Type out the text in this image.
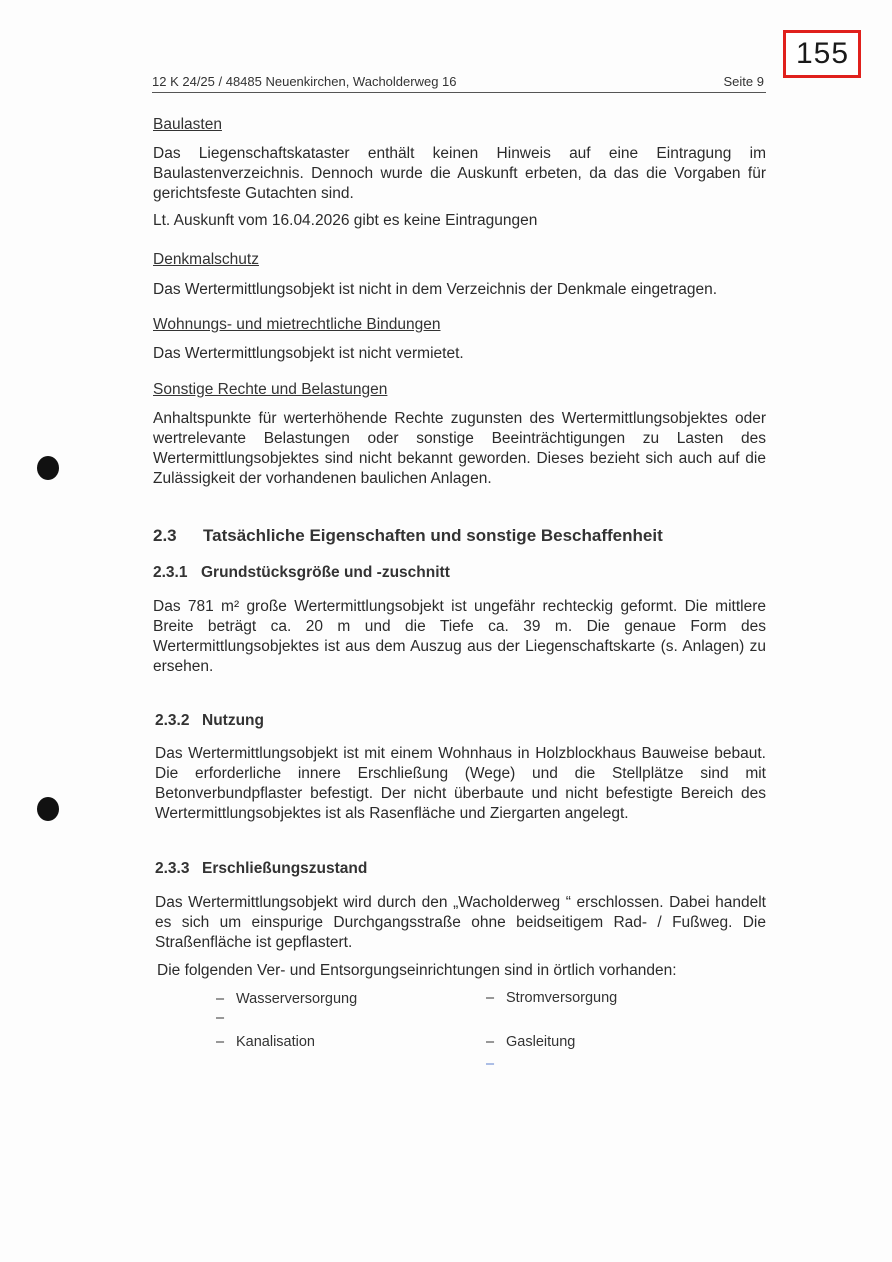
155
12 K 24/25 / 48485 Neuenkirchen, Wacholderweg 16	Seite 9
Baulasten

Das Liegenschaftskataster enthält keinen Hinweis auf eine Eintragung im Baulastenverzeichnis. Dennoch wurde die Auskunft erbeten, da das die Vorgaben für gerichtsfeste Gutachten sind.

Lt. Auskunft vom 16.04.2026 gibt es keine Eintragungen

Denkmalschutz

Das Wertermittlungsobjekt ist nicht in dem Verzeichnis der Denkmale eingetragen.

Wohnungs- und mietrechtliche Bindungen

Das Wertermittlungsobjekt ist nicht vermietet.

Sonstige Rechte und Belastungen

Anhaltspunkte für werterhöhende Rechte zugunsten des Wertermittlungsobjektes oder wertrelevante Belastungen oder sonstige Beeinträchtigungen zu Lasten des Wertermittlungsobjektes sind nicht bekannt geworden. Dieses bezieht sich auch auf die Zulässigkeit der vorhandenen baulichen Anlagen.

2.3 Tatsächliche Eigenschaften und sonstige Beschaffenheit
2.3.1 Grundstücksgröße und -zuschnitt

Das 781 m² große Wertermittlungsobjekt ist ungefähr rechteckig geformt. Die mittlere Breite beträgt ca. 20 m und die Tiefe ca. 39 m. Die genaue Form des Wertermittlungsobjektes ist aus dem Auszug aus der Liegenschaftskarte (s. Anlagen) zu ersehen.

2.3.2 Nutzung

Das Wertermittlungsobjekt ist mit einem Wohnhaus in Holzblockhaus Bauweise bebaut. Die erforderliche innere Erschließung (Wege) und die Stellplätze sind mit Betonverbundpflaster befestigt. Der nicht überbaute und nicht befestigte Bereich des Wertermittlungsobjektes ist als Rasenfläche und Ziergarten angelegt.

2.3.3 Erschließungszustand

Das Wertermittlungsobjekt wird durch den „Wacholderweg “ erschlossen. Dabei handelt es sich um einspurige Durchgangsstraße ohne beidseitigem Rad- / Fußweg. Die Straßenfläche ist gepflastert.

Die folgenden Ver- und Entsorgungseinrichtungen sind in örtlich vorhanden:

– Wasserversorgung	– Stromversorgung
–
– Kanalisation	– Gasleitung
–
